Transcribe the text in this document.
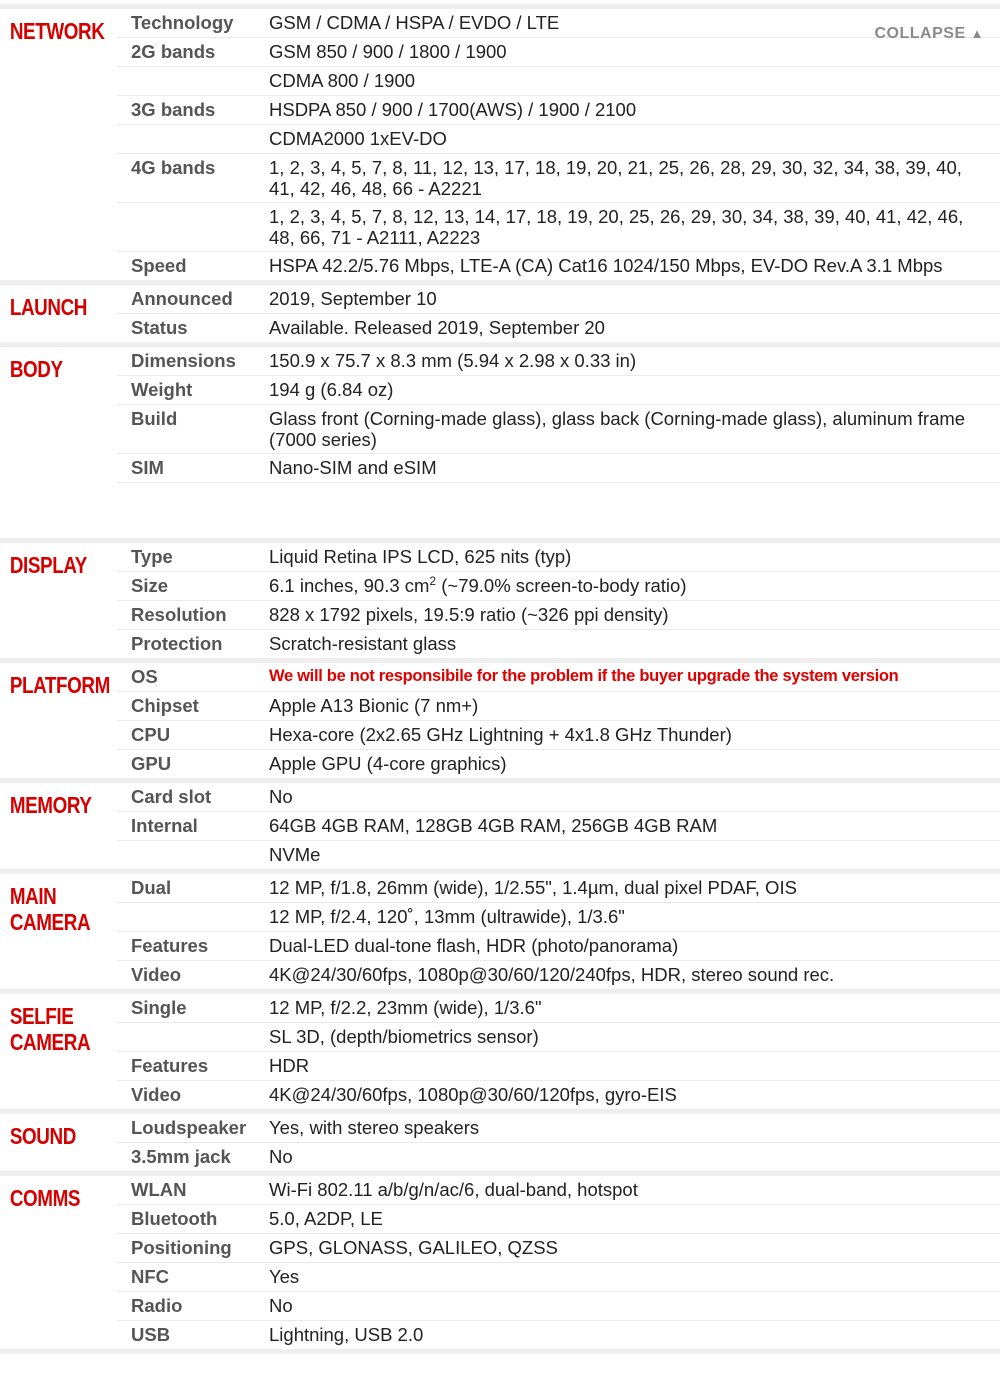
NETWORK	Technology	GSM / CDMA / HSPA / EVDO / LTE
2G bands	GSM 850 / 900 / 1800 / 1900
CDMA 800 / 1900
3G bands	HSDPA 850 / 900 / 1700(AWS) / 1900 / 2100
CDMA2000 1xEV-DO
4G bands	1, 2, 3, 4, 5, 7, 8, 11, 12, 13, 17, 18, 19, 20, 21, 25, 26, 28, 29, 30, 32, 34, 38, 39, 40, 41, 42, 46, 48, 66 - A2221
1, 2, 3, 4, 5, 7, 8, 12, 13, 14, 17, 18, 19, 20, 25, 26, 29, 30, 34, 38, 39, 40, 41, 42, 46, 48, 66, 71 - A2111, A2223
Speed	HSPA 42.2/5.76 Mbps, LTE-A (CA) Cat16 1024/150 Mbps, EV-DO Rev.A 3.1 Mbps
COLLAPSE ▲
LAUNCH	Announced	2019, September 10
Status	Available. Released 2019, September 20
BODY	Dimensions	150.9 x 75.7 x 8.3 mm (5.94 x 2.98 x 0.33 in)
Weight	194 g (6.84 oz)
Build	Glass front (Corning-made glass), glass back (Corning-made glass), aluminum frame (7000 series)
SIM	Nano-SIM and eSIM
DISPLAY	Type	Liquid Retina IPS LCD, 625 nits (typ)
Size	6.1 inches, 90.3 $cm^2$ (~79.0% screen-to-body ratio)
Resolution	828 x 1792 pixels, 19.5:9 ratio (~326 ppi density)
Protection	Scratch-resistant glass
PLATFORM	OS	We will be not responsibile for the problem if the buyer upgrade the system version
Chipset	Apple A13 Bionic (7 nm+)
CPU	Hexa-core (2x2.65 GHz Lightning + 4x1.8 GHz Thunder)
GPU	Apple GPU (4-core graphics)
MEMORY	Card slot	No
Internal	64GB 4GB RAM, 128GB 4GB RAM, 256GB 4GB RAM
NVMe
MAIN
CAMERA
Dual	12 MP, f/1.8, 26mm (wide), 1/2.55", 1.4µm, dual pixel PDAF, OIS
12 MP, f/2.4, 120˚, 13mm (ultrawide), 1/3.6"
Features	Dual-LED dual-tone flash, HDR (photo/panorama)
Video	4K@24/30/60fps, 1080p@30/60/120/240fps, HDR, stereo sound rec.
SELFIE
CAMERA
Single	12 MP, f/2.2, 23mm (wide), 1/3.6"
SL 3D, (depth/biometrics sensor)
Features	HDR
Video	4K@24/30/60fps, 1080p@30/60/120fps, gyro-EIS
SOUND	Loudspeaker	Yes, with stereo speakers
3.5mm jack	No
COMMS	WLAN	Wi-Fi 802.11 a/b/g/n/ac/6, dual-band, hotspot
Bluetooth	5.0, A2DP, LE
Positioning	GPS, GLONASS, GALILEO, QZSS
NFC	Yes
Radio	No
USB	Lightning, USB 2.0
